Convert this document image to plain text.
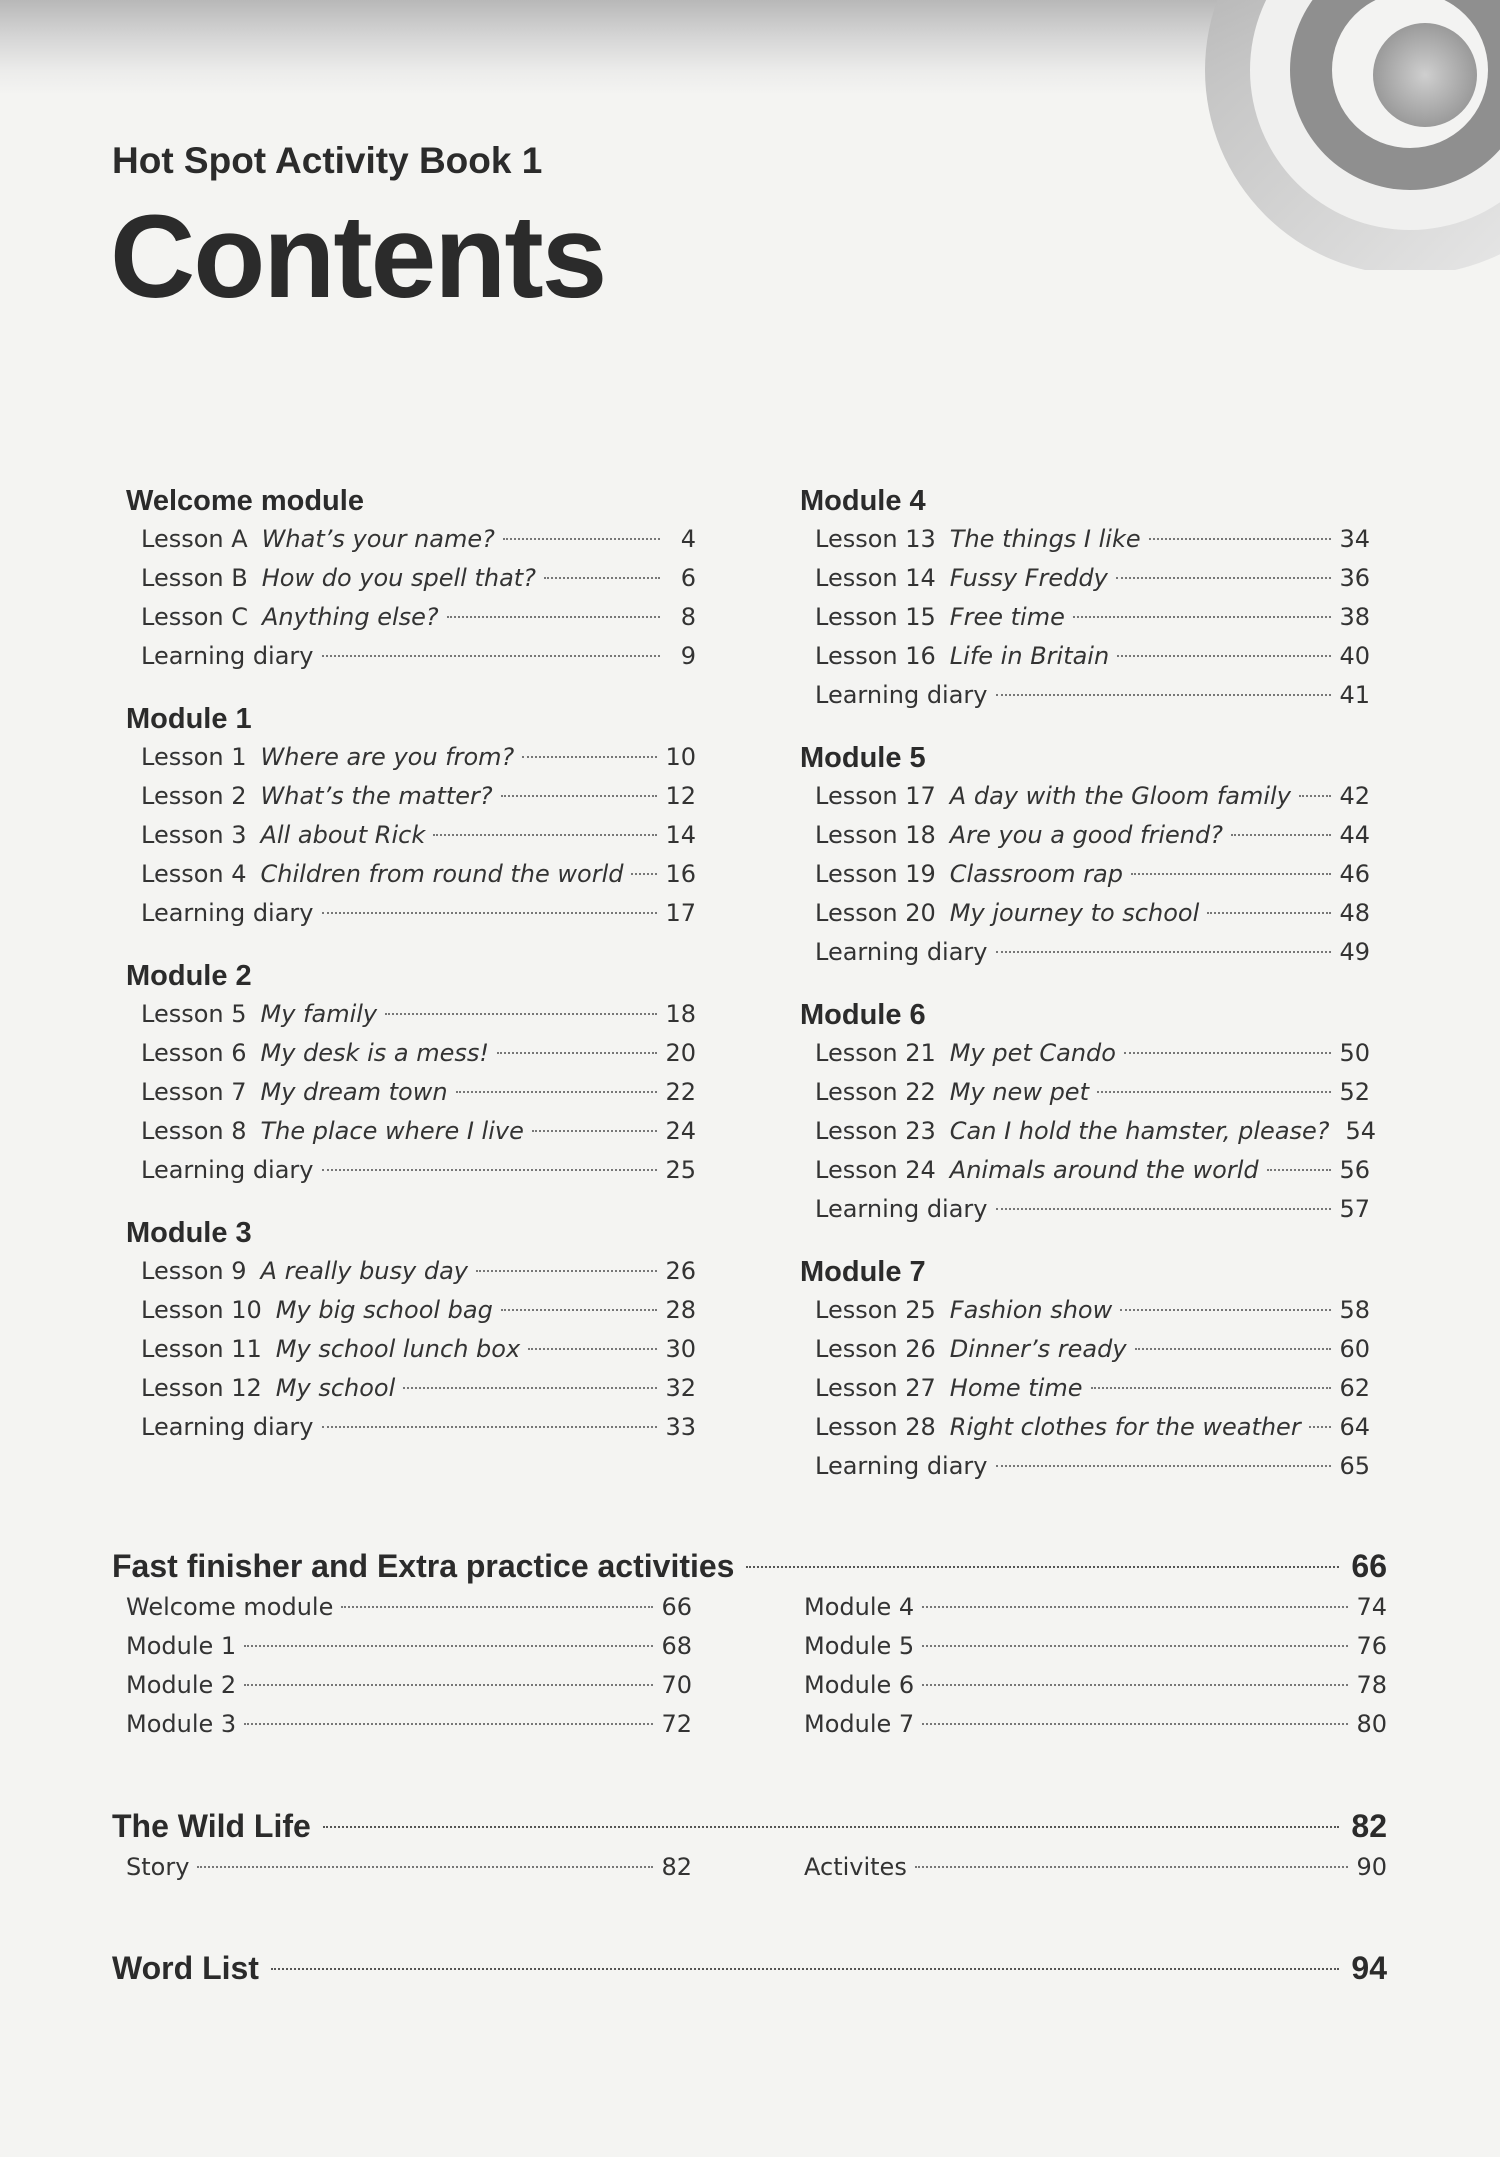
Hot Spot Activity Book 1
Contents
Welcome module
Lesson A What’s your name?	4
Lesson B How do you spell that?	6
Lesson C Anything else?	8
Learning diary	9
Module 1
Lesson 1 Where are you from?	10
Lesson 2 What’s the matter?	12
Lesson 3 All about Rick	14
Lesson 4 Children from round the world 16
Learning diary	17
Module 2
Lesson 5 My family	18
Lesson 6 My desk is a mess!	20
Lesson 7 My dream town	22
Lesson 8 The place where I live	24
Learning diary	25
Module 3
Lesson 9 A really busy day	26
Lesson 10 My big school bag	28
Lesson 11 My school lunch box	30
Lesson 12 My school	32
Learning diary	33
Module 4
Lesson 13 The things I like	34
Lesson 14 Fussy Freddy	36
Lesson 15 Free time	38
Lesson 16 Life in Britain	40
Learning diary	41
Module 5
Lesson 17 A day with the Gloom family 42
Lesson 18 Are you a good friend?	44
Lesson 19 Classroom rap	46
Lesson 20 My journey to school	48
Learning diary	49
Module 6
Lesson 21 My pet Cando	50
Lesson 22 My new pet	52
Lesson 23 Can I hold the hamster, please? 54
Lesson 24 Animals around the world	56
Learning diary	57
Module 7
Lesson 25 Fashion show	58
Lesson 26 Dinner’s ready	60
Lesson 27 Home time	62
Lesson 28 Right clothes for the weather 64
Learning diary	65
Fast finisher and Extra practice activities	66
Welcome module	66
Module 1	68
Module 2	70
Module 3	72
Module 4	74
Module 5	76
Module 6	78
Module 7	80
The Wild Life	82
Story	82	Activites	90
Word List	94
